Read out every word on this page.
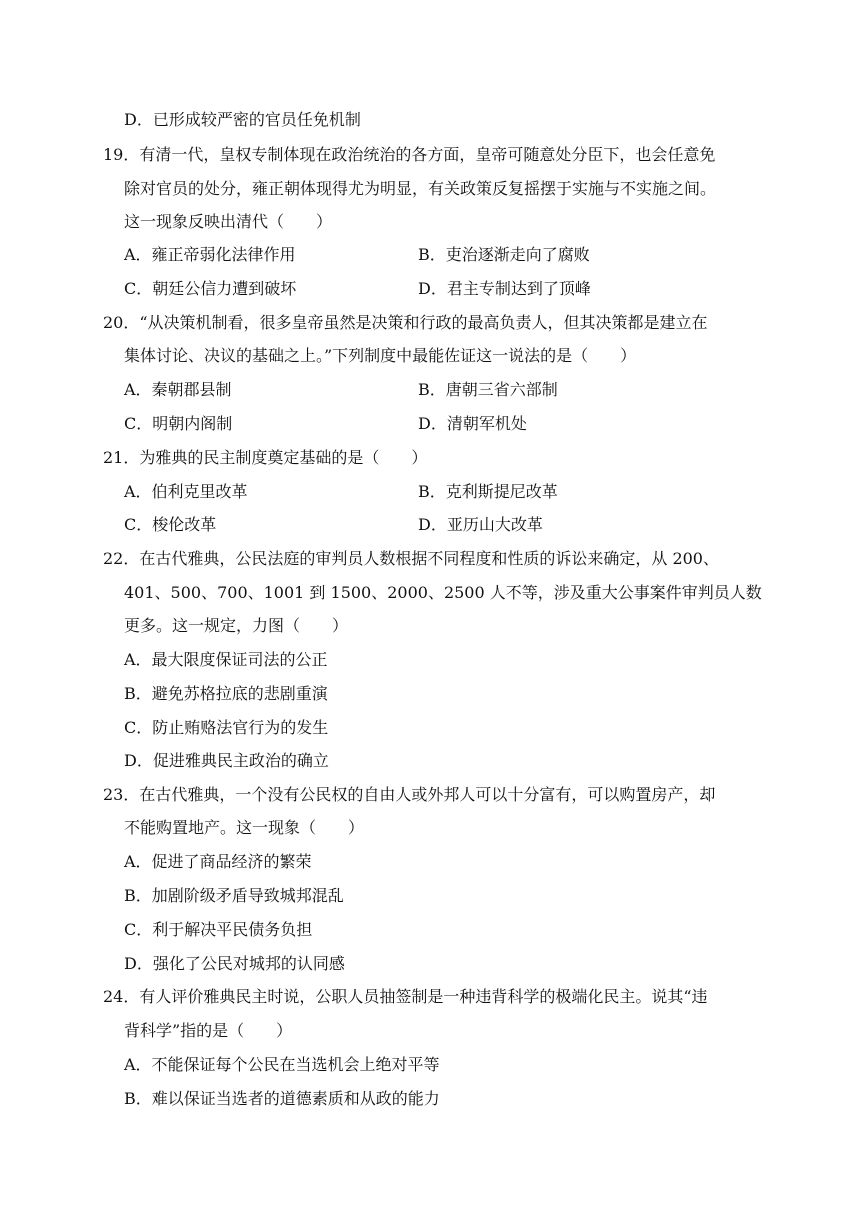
D．已形成较严密的官员任免机制
19．有清一代，皇权专制体现在政治统治的各方面，皇帝可随意处分臣下，也会任意免
除对官员的处分，雍正朝体现得尤为明显，有关政策反复摇摆于实施与不实施之间。
这一现象反映出清代（　　）
A．雍正帝弱化法律作用	B．吏治逐渐走向了腐败
C．朝廷公信力遭到破坏	D．君主专制达到了顶峰
20．“从决策机制看，很多皇帝虽然是决策和行政的最高负责人，但其决策都是建立在
集体讨论、决议的基础之上。”下列制度中最能佐证这一说法的是（　　）
A．秦朝郡县制	B．唐朝三省六部制
C．明朝内阁制	D．清朝军机处
21．为雅典的民主制度奠定基础的是（　　）
A．伯利克里改革	B．克利斯提尼改革
C．梭伦改革	D．亚历山大改革
22．在古代雅典，公民法庭的审判员人数根据不同程度和性质的诉讼来确定，从 200、
401、500、700、1001 到 1500、2000、2500 人不等，涉及重大公事案件审判员人数
更多。这一规定，力图（　　）
A．最大限度保证司法的公正
B．避免苏格拉底的悲剧重演
C．防止贿赂法官行为的发生
D．促进雅典民主政治的确立
23．在古代雅典，一个没有公民权的自由人或外邦人可以十分富有，可以购置房产，却
不能购置地产。这一现象（　　）
A．促进了商品经济的繁荣
B．加剧阶级矛盾导致城邦混乱
C．利于解决平民债务负担
D．强化了公民对城邦的认同感
24．有人评价雅典民主时说，公职人员抽签制是一种违背科学的极端化民主。说其“违
背科学”指的是（　　）
A．不能保证每个公民在当选机会上绝对平等
B．难以保证当选者的道德素质和从政的能力
